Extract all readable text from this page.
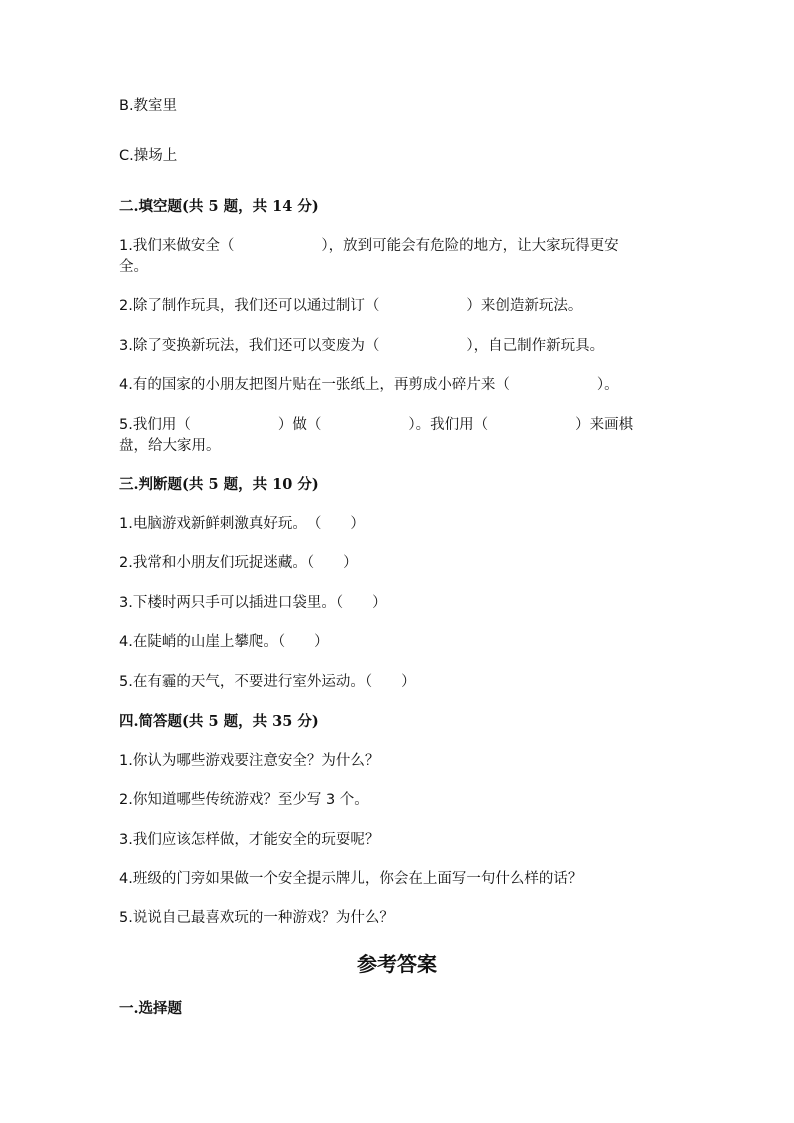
B.教室里
C.操场上
二.填空题(共 5 题，共 14 分)
1.我们来做安全（　　　　　　），放到可能会有危险的地方，让大家玩得更安
全。
2.除了制作玩具，我们还可以通过制订（　　　　　　）来创造新玩法。
3.除了变换新玩法，我们还可以变废为（　　　　　　），自己制作新玩具。
4.有的国家的小朋友把图片贴在一张纸上，再剪成小碎片来（　　　　　　）。
5.我们用（　　　　　　）做（　　　　　　）。我们用（　　　　　　）来画棋
盘，给大家用。
三.判断题(共 5 题，共 10 分)
1.电脑游戏新鲜刺激真好玩。　（　　）
2.我常和小朋友们玩捉迷藏。（　　）
3.下楼时两只手可以插进口袋里。（　　）
4.在陡峭的山崖上攀爬。（　　）
5.在有霾的天气，不要进行室外运动。（　　）
四.简答题(共 5 题，共 35 分)
1.你认为哪些游戏要注意安全？为什么？
2.你知道哪些传统游戏？至少写 3 个。
3.我们应该怎样做，才能安全的玩耍呢？
4.班级的门旁如果做一个安全提示牌儿，你会在上面写一句什么样的话？
5.说说自己最喜欢玩的一种游戏？为什么？
参考答案
一.选择题
